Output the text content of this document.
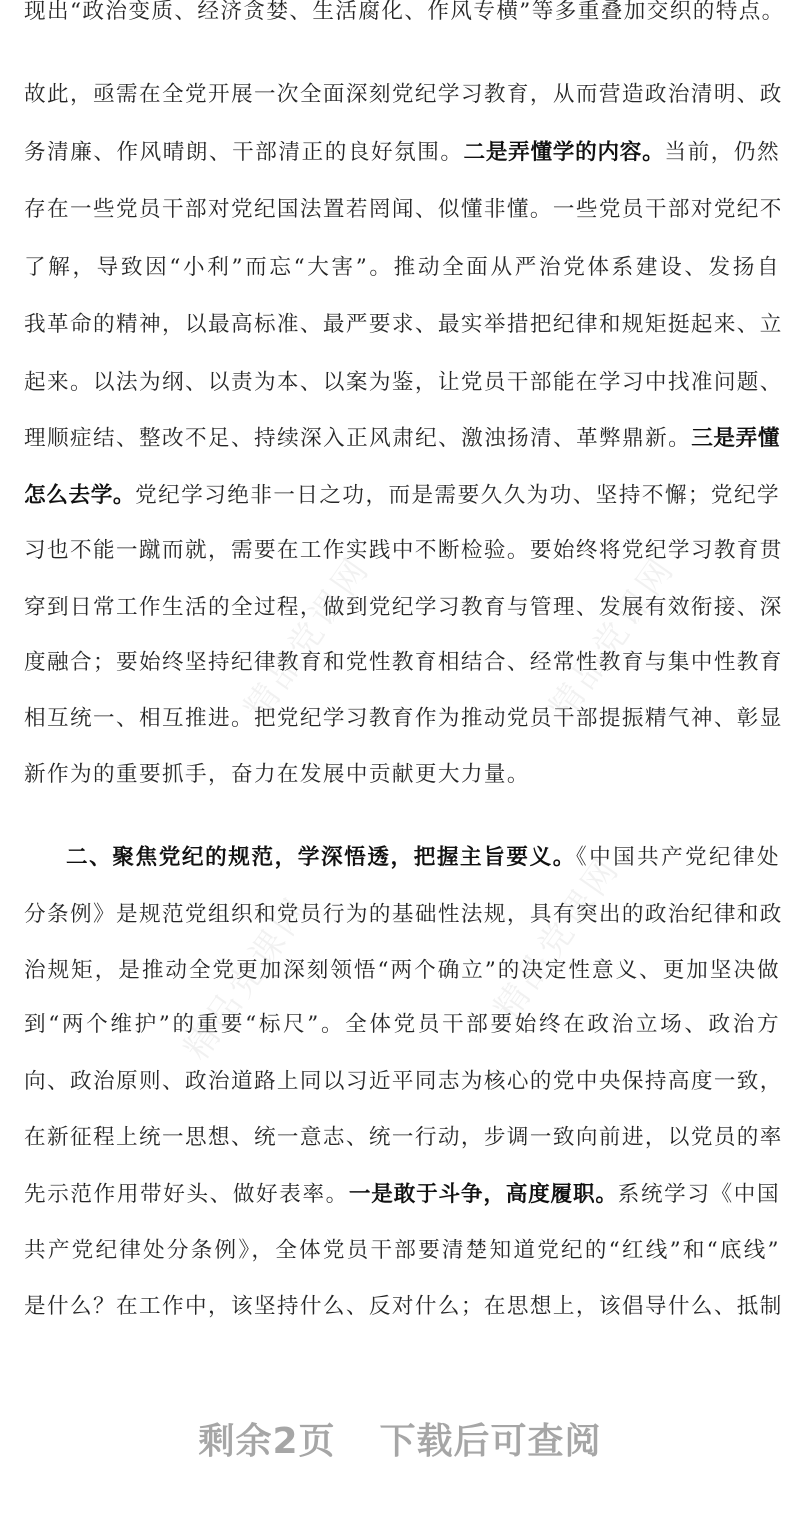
精品党课网	精品党课网
精品党课网	精品党课网
现出“政治变质、经济贪婪、生活腐化、作风专横”等多重叠加交织的特点。
故此，亟需在全党开展一次全面深刻党纪学习教育，从而营造政治清明、政
务清廉、作风晴朗、干部清正的良好氛围。二是弄懂学的内容。当前，仍然
存在一些党员干部对党纪国法置若罔闻、似懂非懂。一些党员干部对党纪不
了解，导致因“小利”而忘“大害”。推动全面从严治党体系建设、发扬自
我革命的精神，以最高标准、最严要求、最实举措把纪律和规矩挺起来、立
起来。以法为纲、以责为本、以案为鉴，让党员干部能在学习中找准问题、
理顺症结、整改不足、持续深入正风肃纪、激浊扬清、革弊鼎新。三是弄懂
怎么去学。党纪学习绝非一日之功，而是需要久久为功、坚持不懈；党纪学
习也不能一蹴而就，需要在工作实践中不断检验。要始终将党纪学习教育贯
穿到日常工作生活的全过程，做到党纪学习教育与管理、发展有效衔接、深
度融合；要始终坚持纪律教育和党性教育相结合、经常性教育与集中性教育
相互统一、相互推进。把党纪学习教育作为推动党员干部提振精气神、彰显
新作为的重要抓手，奋力在发展中贡献更大力量。
二、聚焦党纪的规范，学深悟透，把握主旨要义。《中国共产党纪律处
分条例》是规范党组织和党员行为的基础性法规，具有突出的政治纪律和政
治规矩，是推动全党更加深刻领悟“两个确立”的决定性意义、更加坚决做
到“两个维护”的重要“标尺”。全体党员干部要始终在政治立场、政治方
向、政治原则、政治道路上同以习近平同志为核心的党中央保持高度一致，
在新征程上统一思想、统一意志、统一行动，步调一致向前进，以党员的率
先示范作用带好头、做好表率。一是敢于斗争，高度履职。系统学习《中国
共产党纪律处分条例》，全体党员干部要清楚知道党纪的“红线”和“底线”
是什么？在工作中，该坚持什么、反对什么；在思想上，该倡导什么、抵制
剩余2页 下载后可查阅
